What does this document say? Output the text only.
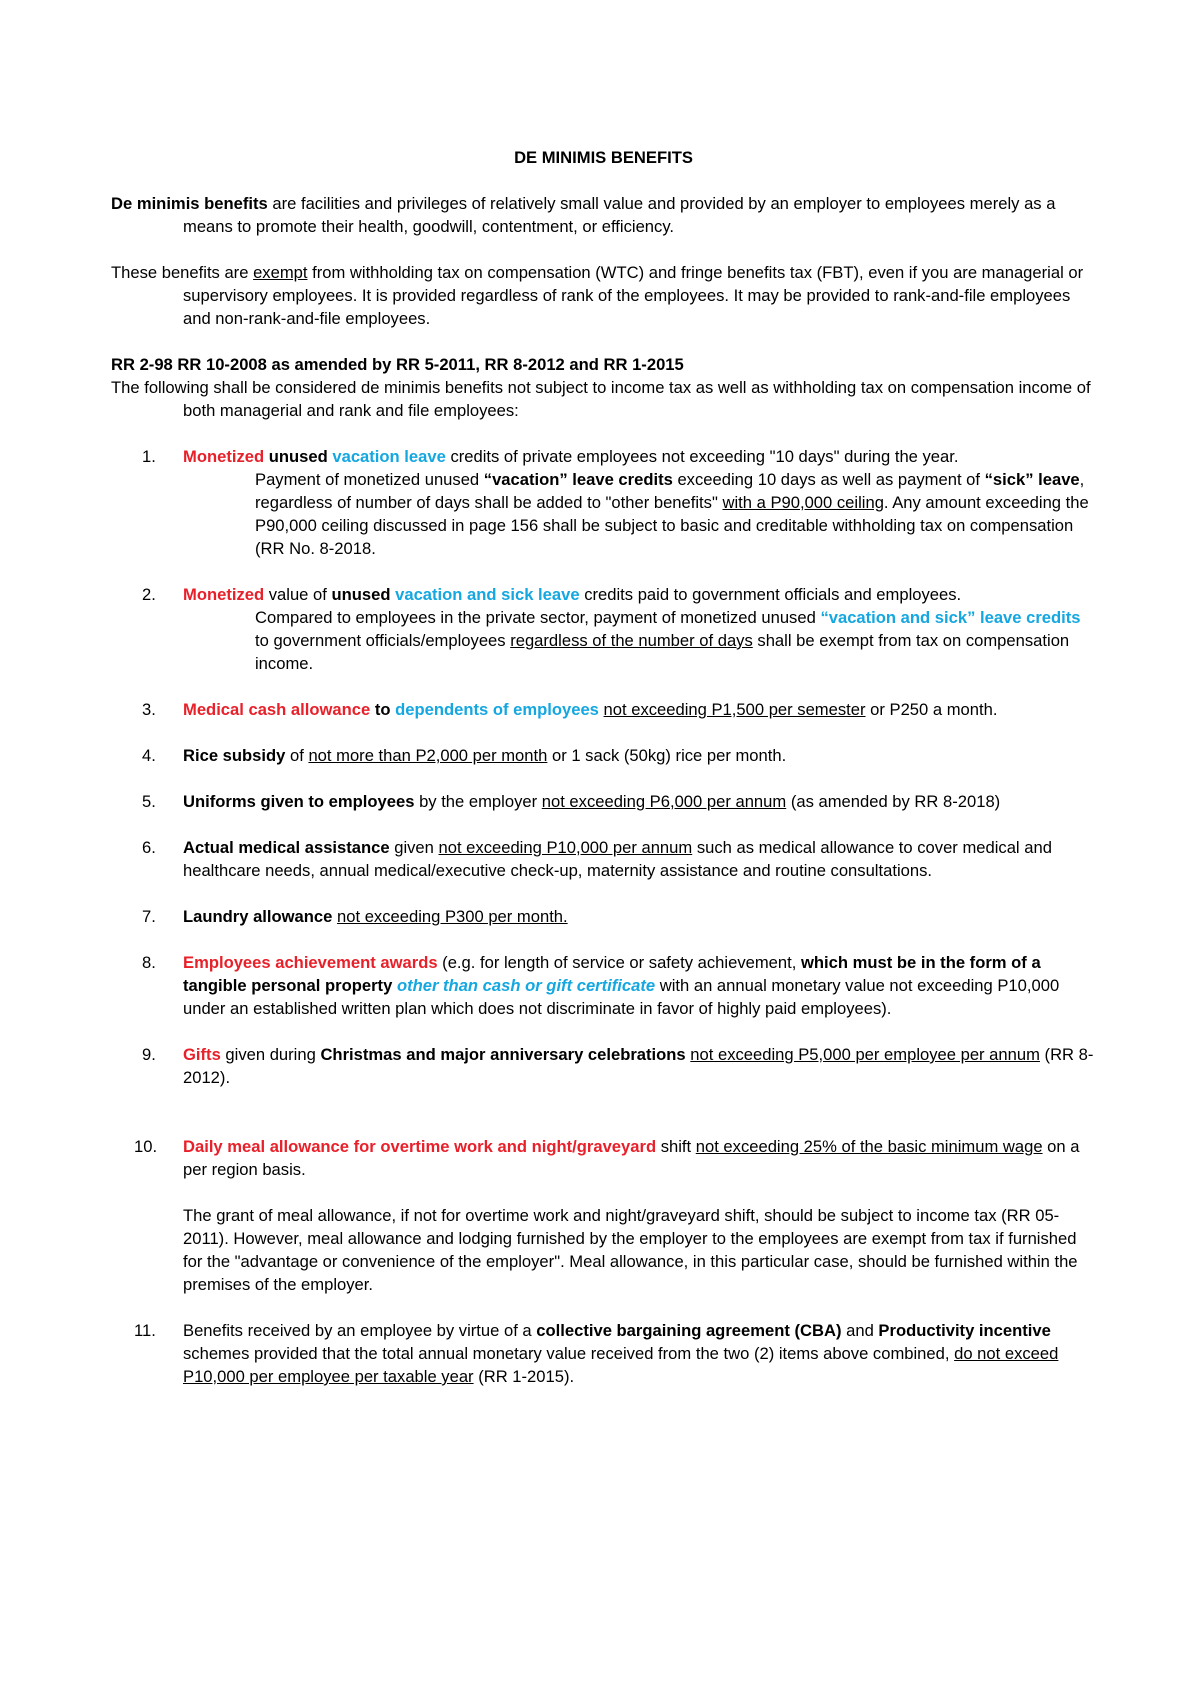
DE MINIMIS BENEFITS

De minimis benefits are facilities and privileges of relatively small value and provided by an employer to employees merely as a means to promote their health, goodwill, contentment, or efficiency.

These benefits are exempt from withholding tax on compensation (WTC) and fringe benefits tax (FBT), even if you are managerial or supervisory employees. It is provided regardless of rank of the employees. It may be provided to rank-and-file employees and non-rank-and-file employees.

RR 2-98 RR 10-2008 as amended by RR 5-2011, RR 8-2012 and RR 1-2015

The following shall be considered de minimis benefits not subject to income tax as well as withholding tax on compensation income of both managerial and rank and file employees:

1. Monetized unused vacation leave credits of private employees not exceeding "10 days" during the year.

Payment of monetized unused “vacation” leave credits exceeding 10 days as well as payment of “sick” leave, regardless of number of days shall be added to "other benefits" with a P90,000 ceiling. Any amount exceeding the P90,000 ceiling discussed in page 156 shall be subject to basic and creditable withholding tax on compensation (RR No. 8-2018.

2. Monetized value of unused vacation and sick leave credits paid to government officials and employees.

Compared to employees in the private sector, payment of monetized unused “vacation and sick” leave credits to government officials/employees regardless of the number of days shall be exempt from tax on compensation income.

3. Medical cash allowance to dependents of employees not exceeding P1,500 per semester or P250 a month.

4. Rice subsidy of not more than P2,000 per month or 1 sack (50kg) rice per month.

5. Uniforms given to employees by the employer not exceeding P6,000 per annum (as amended by RR 8-2018)

6. Actual medical assistance given not exceeding P10,000 per annum such as medical allowance to cover medical and healthcare needs, annual medical/executive check-up, maternity assistance and routine consultations.

7. Laundry allowance not exceeding P300 per month.

8. Employees achievement awards (e.g. for length of service or safety achievement, which must be in the form of a tangible personal property other than cash or gift certificate with an annual monetary value not exceeding P10,000 under an established written plan which does not discriminate in favor of highly paid employees).

9. Gifts given during Christmas and major anniversary celebrations not exceeding P5,000 per employee per annum (RR 8-2012).

10. Daily meal allowance for overtime work and night/graveyard shift not exceeding 25% of the basic minimum wage on a per region basis.

The grant of meal allowance, if not for overtime work and night/graveyard shift, should be subject to income tax (RR 05-2011). However, meal allowance and lodging furnished by the employer to the employees are exempt from tax if furnished for the "advantage or convenience of the employer". Meal allowance, in this particular case, should be furnished within the premises of the employer.

11. Benefits received by an employee by virtue of a collective bargaining agreement (CBA) and Productivity incentive schemes provided that the total annual monetary value received from the two (2) items above combined, do not exceed P10,000 per employee per taxable year (RR 1-2015).
